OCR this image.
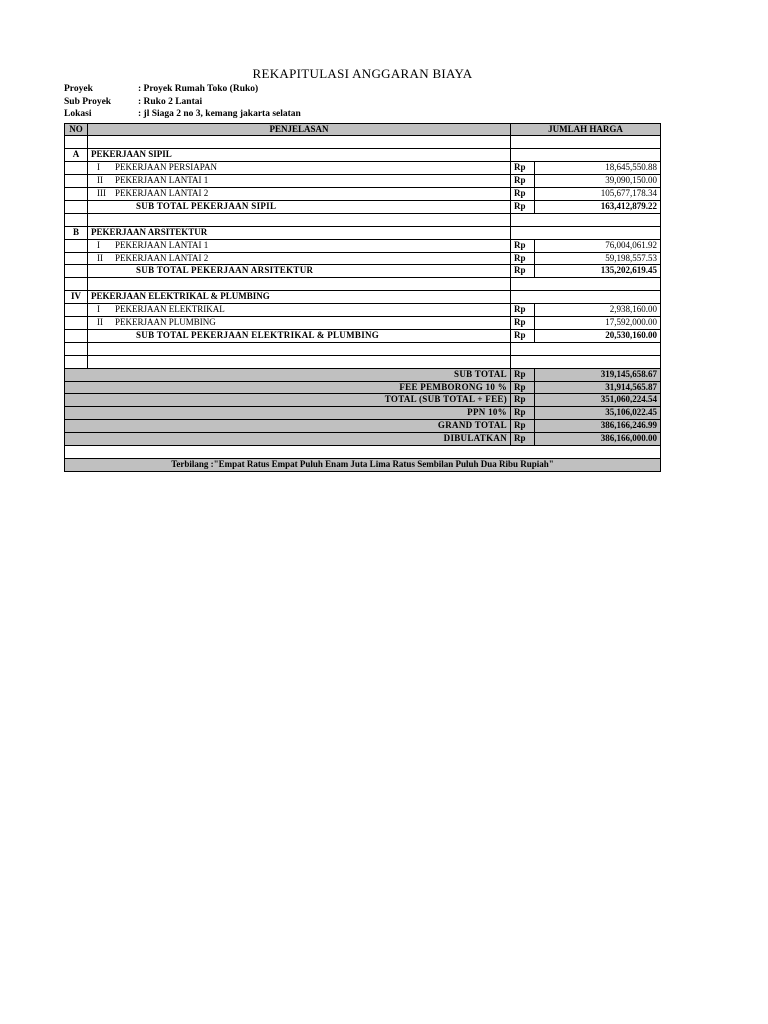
REKAPITULASI ANGGARAN BIAYA
Proyek	: Proyek Rumah Toko (Ruko)
Sub Proyek	: Ruko 2 Lantai
Lokasi	: jl Siaga 2 no 3, kemang jakarta selatan
NO	PENJELASAN	JUMLAH HARGA	

A	PEKERJAAN SIPIL		
	I PEKERJAAN PERSIAPAN	Rp	18,645,550.88
	II PEKERJAAN LANTAI 1	Rp	39,090,150.00
	III PEKERJAAN LANTAI 2	Rp	105,677,178.34
	SUB TOTAL PEKERJAAN SIPIL	Rp	163,412,879.22

B	PEKERJAAN ARSITEKTUR		
	I PEKERJAAN LANTAI 1	Rp	76,004,061.92
	II PEKERJAAN LANTAI 2	Rp	59,198,557.53
	SUB TOTAL PEKERJAAN ARSITEKTUR	Rp	135,202,619.45

IV	PEKERJAAN ELEKTRIKAL & PLUMBING		
	I PEKERJAAN ELEKTRIKAL	Rp	2,938,160.00
	II PEKERJAAN PLUMBING	Rp	17,592,000.00
	SUB TOTAL PEKERJAAN ELEKTRIKAL & PLUMBING	Rp	20,530,160.00

SUB TOTAL		Rp	319,145,658.67
FEE PEMBORONG 10 %		Rp	31,914,565.87
TOTAL (SUB TOTAL + FEE)		Rp	351,060,224.54
PPN 10%		Rp	35,106,022.45
GRAND TOTAL		Rp	386,166,246.99
DIBULATKAN		Rp	386,166,000.00

Terbilang :"Empat Ratus Empat Puluh Enam Juta Lima Ratus Sembilan Puluh Dua Ribu Rupiah"			
